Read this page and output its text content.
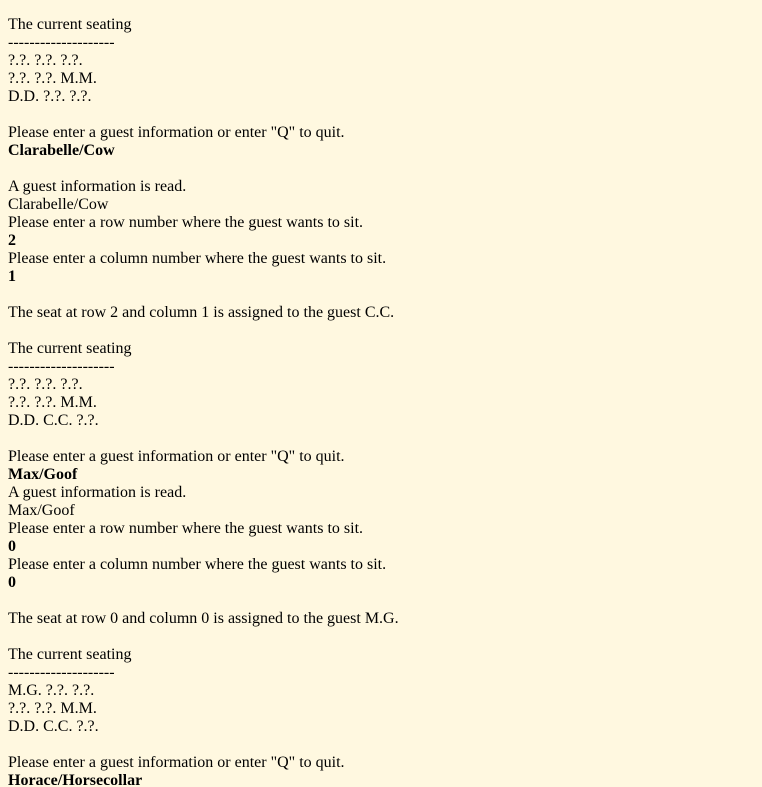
The current seating
--------------------
?.?. ?.?. ?.?.
?.?. ?.?. M.M.
D.D. ?.?. ?.?.
Please enter a guest information or enter "Q" to quit.
Clarabelle/Cow
A guest information is read.
Clarabelle/Cow
Please enter a row number where the guest wants to sit.
2
Please enter a column number where the guest wants to sit.
1
The seat at row 2 and column 1 is assigned to the guest C.C.
The current seating
--------------------
?.?. ?.?. ?.?.
?.?. ?.?. M.M.
D.D. C.C. ?.?.
Please enter a guest information or enter "Q" to quit.
Max/Goof
A guest information is read.
Max/Goof
Please enter a row number where the guest wants to sit.
0
Please enter a column number where the guest wants to sit.
0
The seat at row 0 and column 0 is assigned to the guest M.G.
The current seating
--------------------
M.G. ?.?. ?.?.
?.?. ?.?. M.M.
D.D. C.C. ?.?.
Please enter a guest information or enter "Q" to quit.
Horace/Horsecollar
